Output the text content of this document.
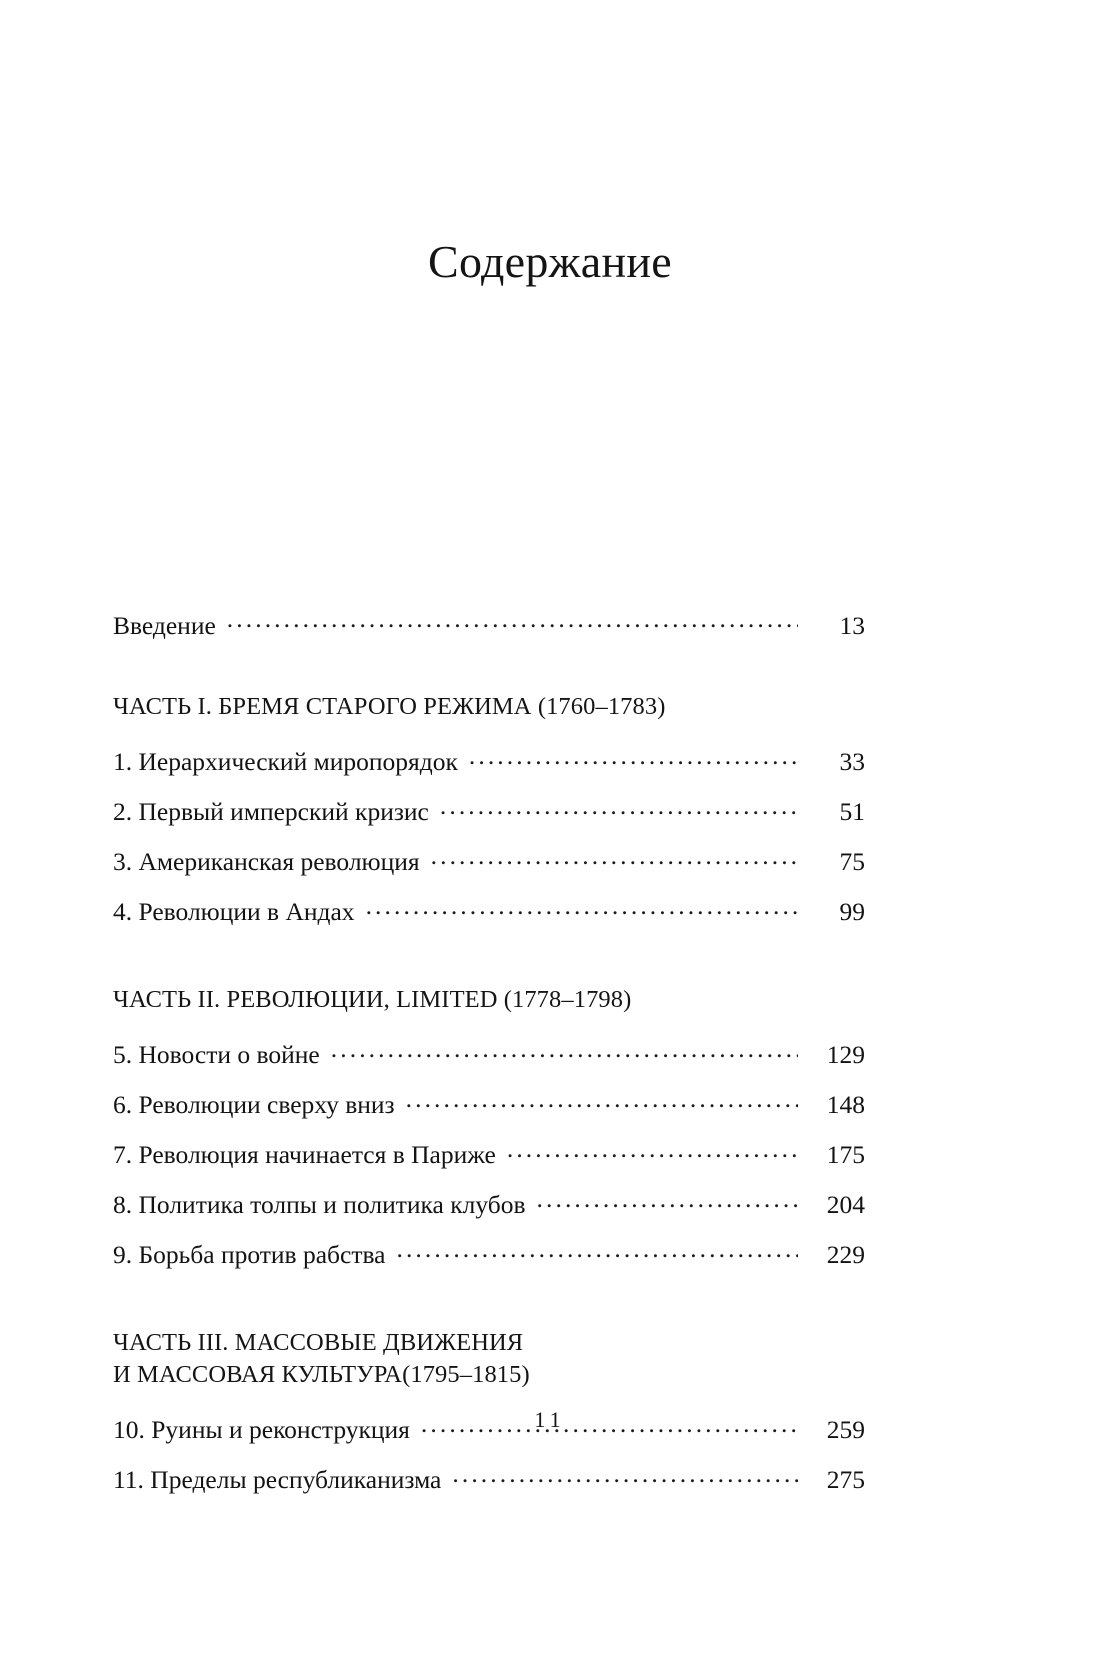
Содержание
Введение .....	13
ЧАСТЬ I. БРЕМЯ СТАРОГО РЕЖИМА (1760–1783)
1. Иерархический миропорядок .....	33
2. Первый имперский кризис .....	51
3. Американская революция .....	75
4. Революции в Андах .....	99
ЧАСТЬ II. РЕВОЛЮЦИИ, LIMITED (1778–1798)
5. Новости о войне .....	129
6. Революции сверху вниз .....	148
7. Революция начинается в Париже .....	175
8. Политика толпы и политика клубов .....	204
9. Борьба против рабства .....	229
ЧАСТЬ III. МАССОВЫЕ ДВИЖЕНИЯ
И МАССОВАЯ КУЛЬТУРА(1795–1815)
10. Руины и реконструкция .....	259
11. Пределы республиканизма .....	275
11
